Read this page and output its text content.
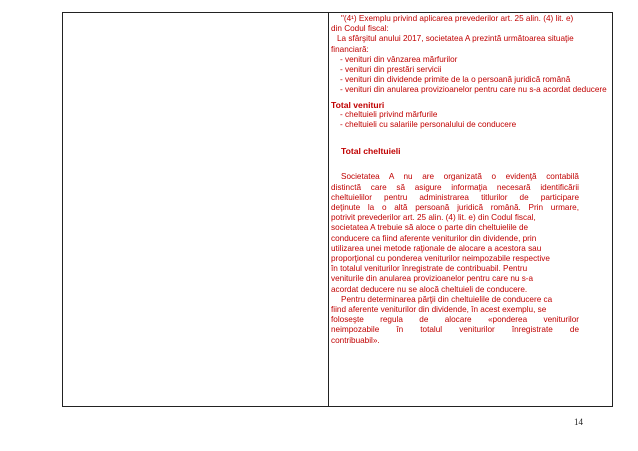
"(4¹) Exemplu privind aplicarea prevederilor art. 25 alin. (4) lit. e)
din Codul fiscal:
La sfârşitul anului 2017, societatea A prezintă următoarea situaţie
financiară:
- venituri din vânzarea mărfurilor
- venituri din prestări servicii
- venituri din dividende primite de la o persoană juridică română
- venituri din anularea provizioanelor pentru care nu s-a acordat deducere
Total venituri
- cheltuieli privind mărfurile
- cheltuieli cu salariile personalului de conducere
Total cheltuieli
Societatea A nu are organizată o evidenţă contabilă
distinctă care să asigure informaţia necesară identificării
cheltuielilor pentru administrarea titlurilor de participare
deţinute la o altă persoană juridică română. Prin urmare,
potrivit prevederilor art. 25 alin. (4) lit. e) din Codul fiscal,
societatea A trebuie să aloce o parte din cheltuielile de
conducere ca fiind aferente veniturilor din dividende, prin
utilizarea unei metode raţionale de alocare a acestora sau
proporţional cu ponderea veniturilor neimpozabile respective
în totalul veniturilor înregistrate de contribuabil. Pentru
veniturile din anularea provizioanelor pentru care nu s-a
acordat deducere nu se alocă cheltuieli de conducere.
Pentru determinarea părţii din cheltuielile de conducere ca
fiind aferente veniturilor din dividende, în acest exemplu, se
foloseşte regula de alocare «ponderea veniturilor
neimpozabile în totalul veniturilor înregistrate de
contribuabil».
14
